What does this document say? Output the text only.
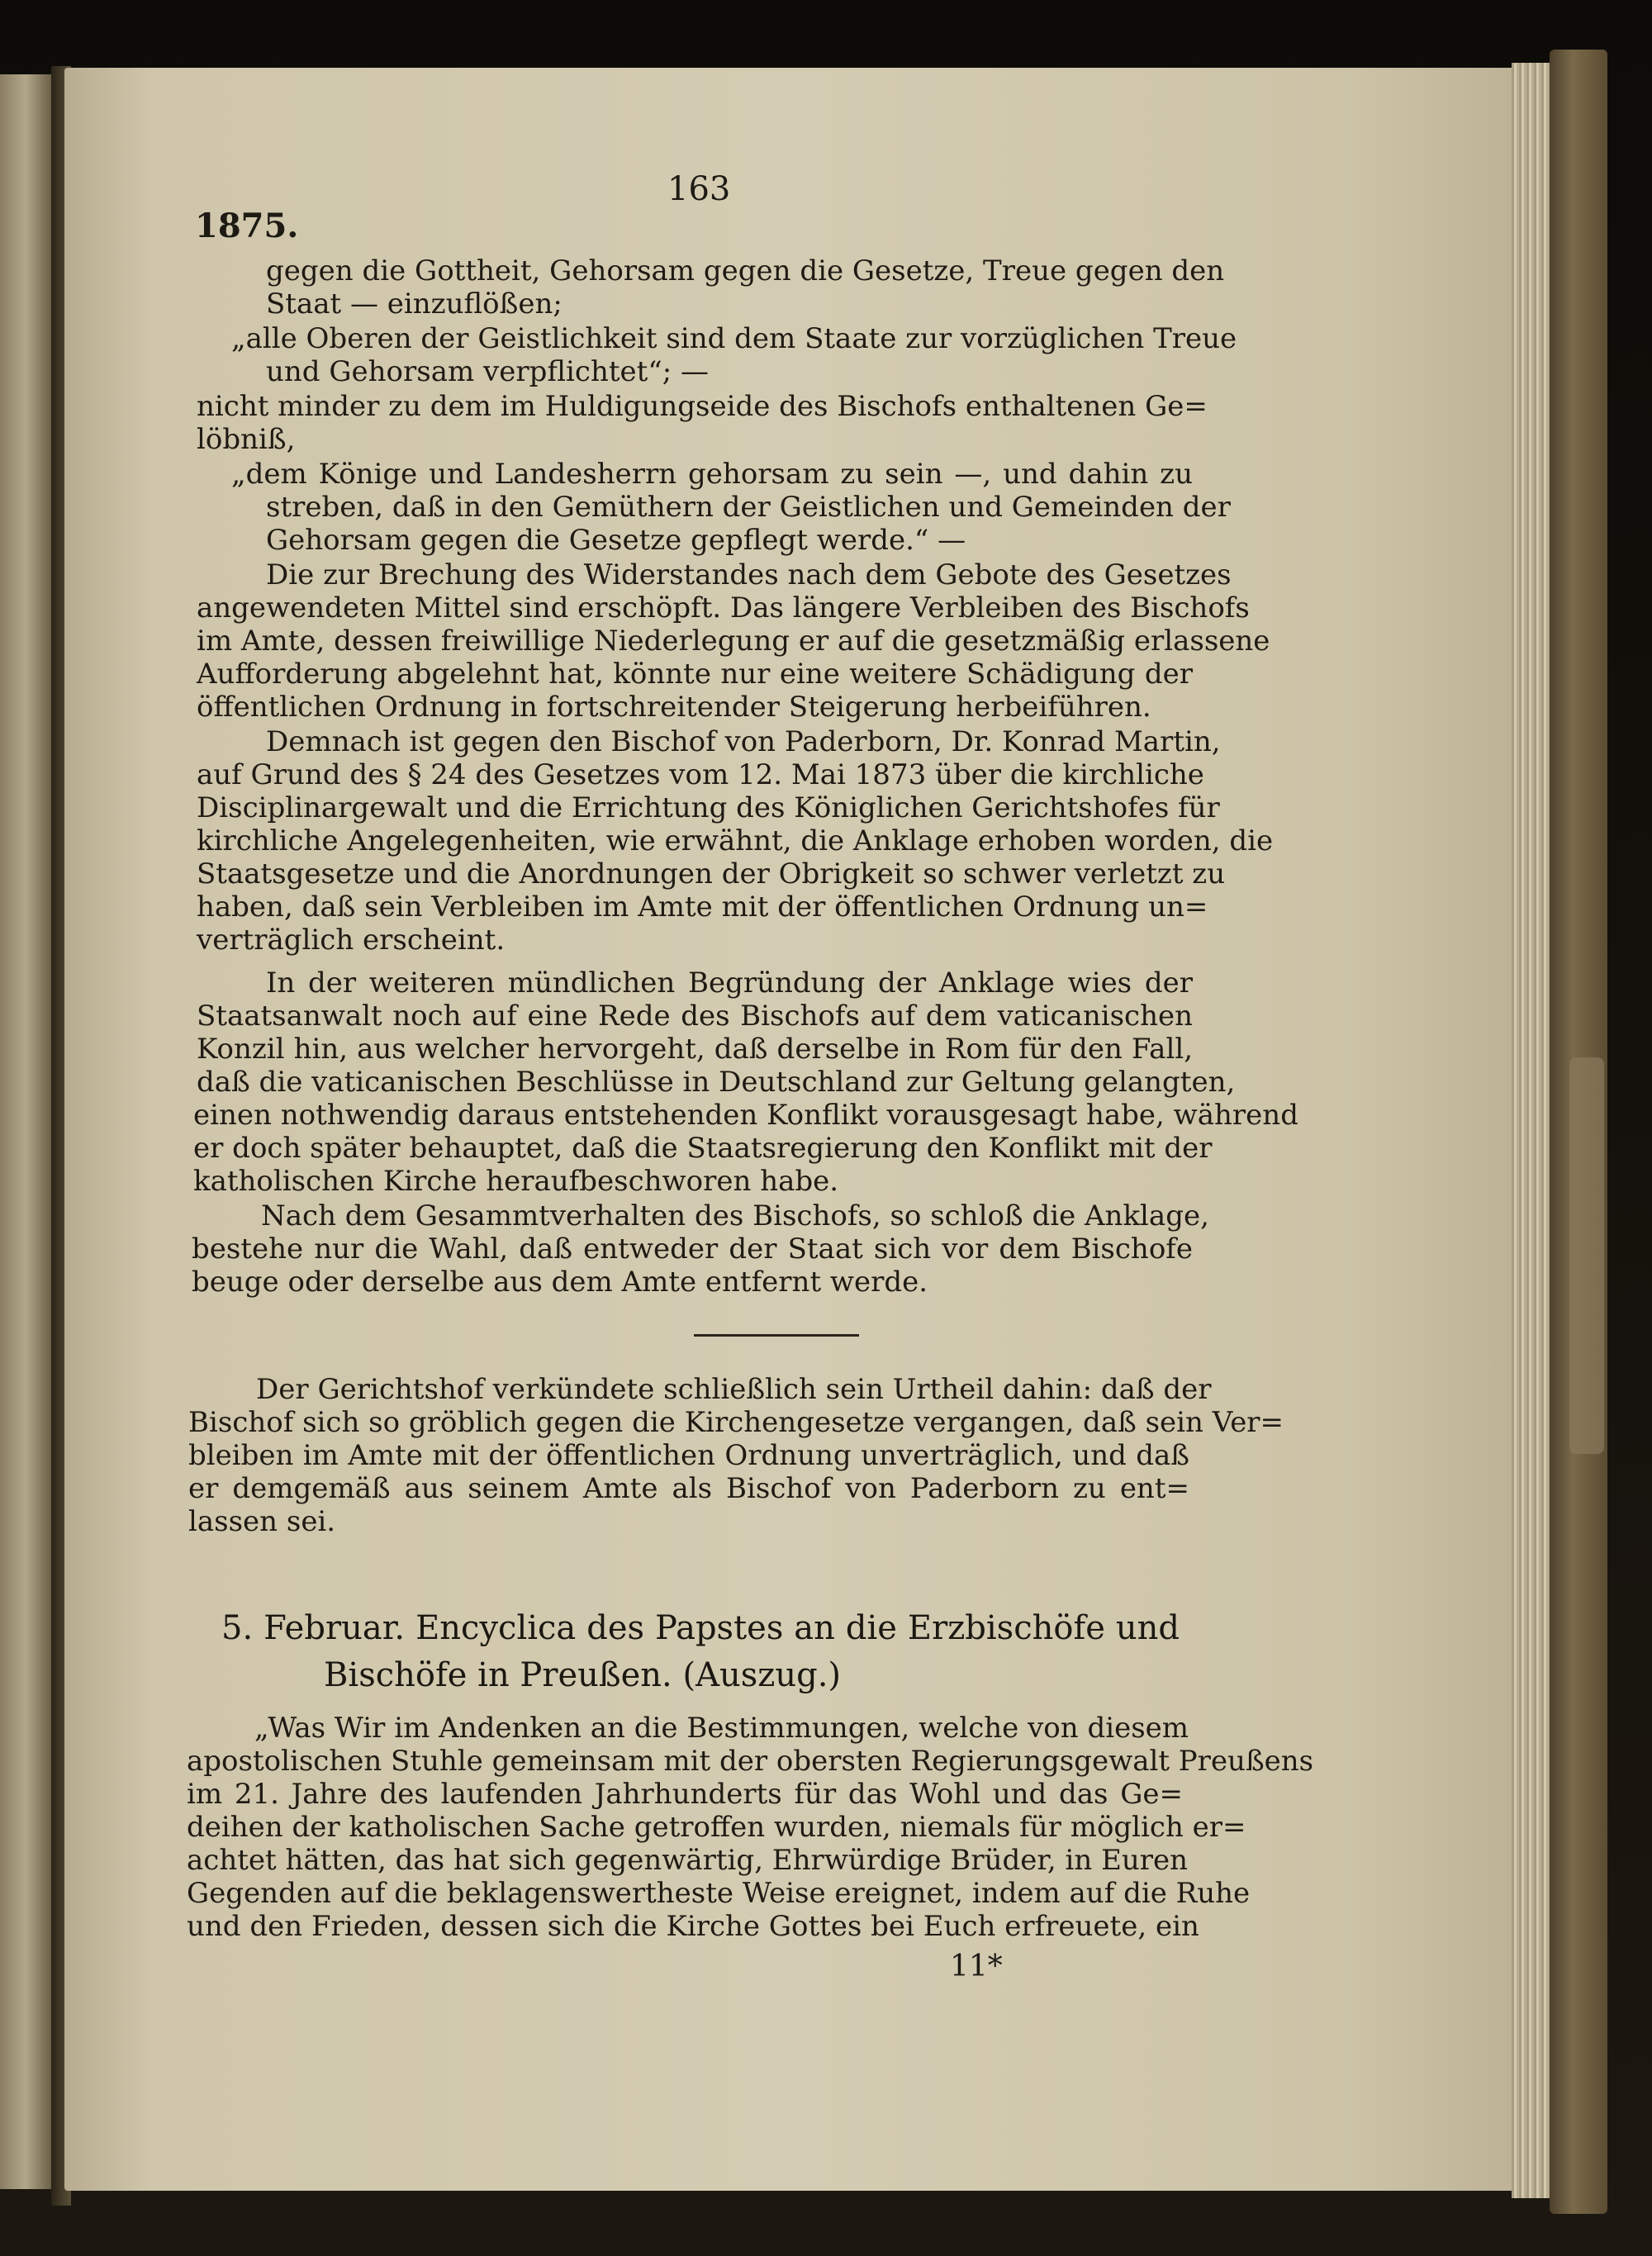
163
1875.
gegen die Gottheit, Gehorsam gegen die Gesetze, Treue gegen den
Staat — einzuflößen;
„alle Oberen der Geistlichkeit sind dem Staate zur vorzüglichen Treue
und Gehorsam verpflichtet“; —
nicht minder zu dem im Huldigungseide des Bischofs enthaltenen Ge=
löbniß,
„dem Könige und Landesherrn gehorsam zu sein —, und dahin zu
streben, daß in den Gemüthern der Geistlichen und Gemeinden der
Gehorsam gegen die Gesetze gepflegt werde.“ —
Die zur Brechung des Widerstandes nach dem Gebote des Gesetzes
angewendeten Mittel sind erschöpft. Das längere Verbleiben des Bischofs
im Amte, dessen freiwillige Niederlegung er auf die gesetzmäßig erlassene
Aufforderung abgelehnt hat, könnte nur eine weitere Schädigung der
öffentlichen Ordnung in fortschreitender Steigerung herbeiführen.
Demnach ist gegen den Bischof von Paderborn, Dr. Konrad Martin,
auf Grund des § 24 des Gesetzes vom 12. Mai 1873 über die kirchliche
Disciplinargewalt und die Errichtung des Königlichen Gerichtshofes für
kirchliche Angelegenheiten, wie erwähnt, die Anklage erhoben worden, die
Staatsgesetze und die Anordnungen der Obrigkeit so schwer verletzt zu
haben, daß sein Verbleiben im Amte mit der öffentlichen Ordnung un=
verträglich erscheint.
In der weiteren mündlichen Begründung der Anklage wies der
Staatsanwalt noch auf eine Rede des Bischofs auf dem vaticanischen
Konzil hin, aus welcher hervorgeht, daß derselbe in Rom für den Fall,
daß die vaticanischen Beschlüsse in Deutschland zur Geltung gelangten,
einen nothwendig daraus entstehenden Konflikt vorausgesagt habe, während
er doch später behauptet, daß die Staatsregierung den Konflikt mit der
katholischen Kirche heraufbeschworen habe.
Nach dem Gesammtverhalten des Bischofs, so schloß die Anklage,
bestehe nur die Wahl, daß entweder der Staat sich vor dem Bischofe
beuge oder derselbe aus dem Amte entfernt werde.
Der Gerichtshof verkündete schließlich sein Urtheil dahin: daß der
Bischof sich so gröblich gegen die Kirchengesetze vergangen, daß sein Ver=
bleiben im Amte mit der öffentlichen Ordnung unverträglich, und daß
er demgemäß aus seinem Amte als Bischof von Paderborn zu ent=
lassen sei.
5. Februar. Encyclica des Papstes an die Erzbischöfe und
Bischöfe in Preußen. (Auszug.)
„Was Wir im Andenken an die Bestimmungen, welche von diesem
apostolischen Stuhle gemeinsam mit der obersten Regierungsgewalt Preußens
im 21. Jahre des laufenden Jahrhunderts für das Wohl und das Ge=
deihen der katholischen Sache getroffen wurden, niemals für möglich er=
achtet hätten, das hat sich gegenwärtig, Ehrwürdige Brüder, in Euren
Gegenden auf die beklagenswertheste Weise ereignet, indem auf die Ruhe
und den Frieden, dessen sich die Kirche Gottes bei Euch erfreuete, ein
11*
